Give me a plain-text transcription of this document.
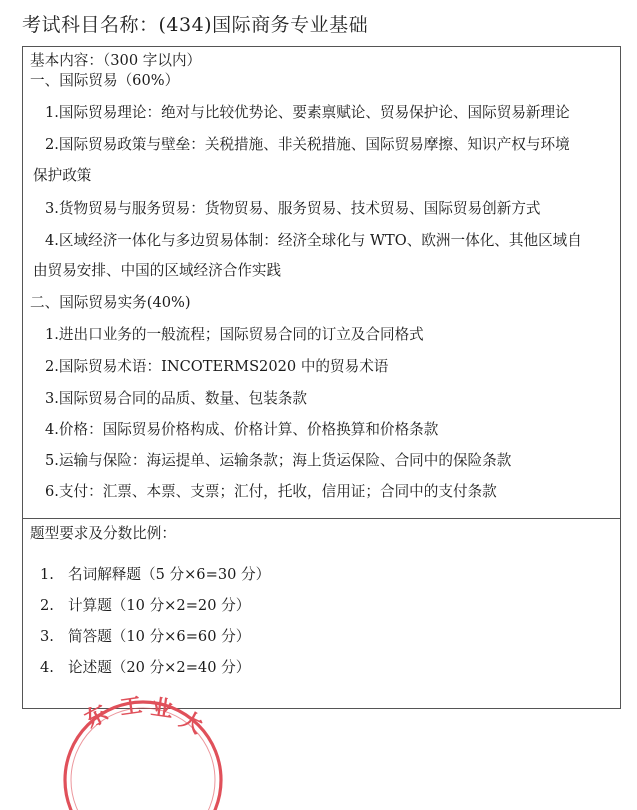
考试科目名称：(434)国际商务专业基础
基本内容：（300 字以内）
一、国际贸易（60%）
1.国际贸易理论：绝对与比较优势论、要素禀赋论、贸易保护论、国际贸易新理论
2.国际贸易政策与壁垒：关税措施、非关税措施、国际贸易摩擦、知识产权与环境
保护政策
3.货物贸易与服务贸易：货物贸易、服务贸易、技术贸易、国际贸易创新方式
4.区域经济一体化与多边贸易体制：经济全球化与 WTO、欧洲一体化、其他区域自
由贸易安排、中国的区域经济合作实践
二、国际贸易实务(40%)
1.进出口业务的一般流程；国际贸易合同的订立及合同格式
2.国际贸易术语：INCOTERMS2020 中的贸易术语
3.国际贸易合同的品质、数量、包装条款
4.价格：国际贸易价格构成、价格计算、价格换算和价格条款
5.运输与保险：海运提单、运输条款；海上货运保险、合同中的保险条款
6.支付：汇票、本票、支票；汇付，托收，信用证；合同中的支付条款
题型要求及分数比例：
1. 名词解释题（5 分×6=30 分）
2. 计算题（10 分×2=20 分）
3. 简答题（10 分×6=60 分）
4. 论述题（20 分×2=40 分）
东 工 业 大
